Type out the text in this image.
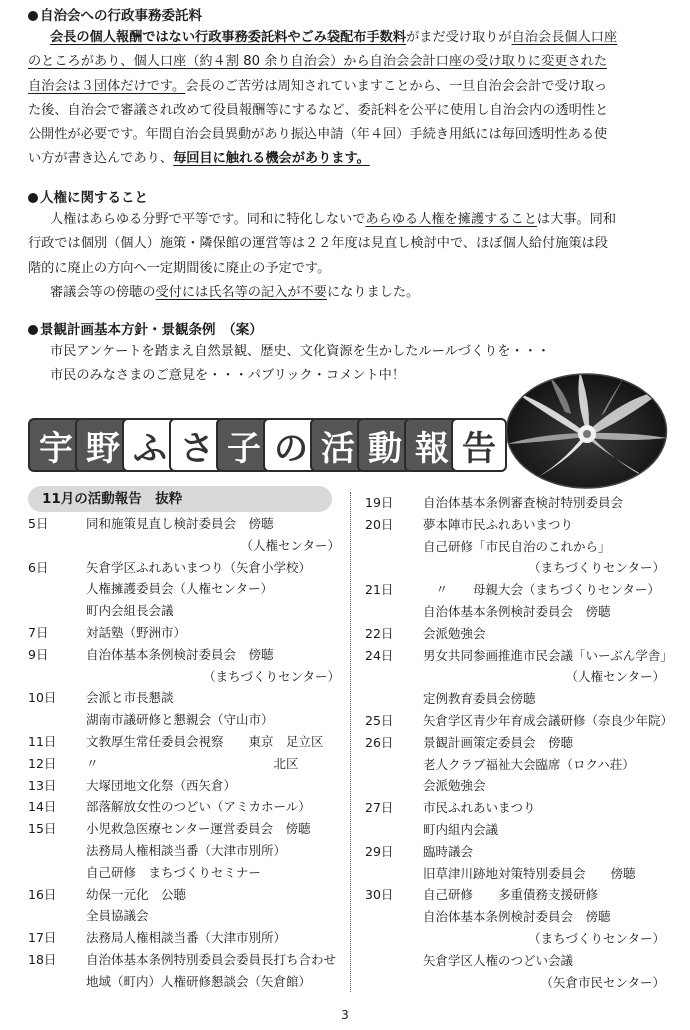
自治会への行政事務委託料
会長の個人報酬ではない行政事務委託料やごみ袋配布手数料がまだ受け取りが自治会長個人口座
のところがあり、個人口座（約４割 80 余り自治会）から自治会会計口座の受け取りに変更された
自治会は３団体だけです。会長のご苦労は周知されていますことから、一旦自治会会計で受け取っ
た後、自治会で審議され改めて役員報酬等にするなど、委託料を公平に使用し自治会内の透明性と
公開性が必要です。年間自治会員異動があり振込申請（年４回）手続き用紙には毎回透明性ある使
い方が書き込んであり、毎回目に触れる機会があります。
人権に関すること
人権はあらゆる分野で平等です。同和に特化しないであらゆる人権を擁護することは大事。同和
行政では個別（個人）施策・隣保館の運営等は２２年度は見直し検討中で、ほぼ個人給付施策は段
階的に廃止の方向へ一定期間後に廃止の予定です。
審議会等の傍聴の受付には氏名等の記入が不要になりました。
景観計画基本方針・景観条例　（案）
市民アンケートを踏まえ自然景観、歴史、文化資源を生かしたルールづくりを・・・
市民のみなさまのご意見を・・・パブリック・コメント中！
宇 野 ふ さ 子 の 活 動 報 告
11月の活動報告　抜粋
5日	同和施策見直し検討委員会　傍聴
（人権センター）
6日	矢倉学区ふれあいまつり（矢倉小学校）
人権擁護委員会（人権センター）
町内会組長会議
7日	対話塾（野洲市）
9日	自治体基本条例検討委員会　傍聴
（まちづくりセンター）
10日 会派と市長懇談
湖南市議研修と懇親会（守山市）
11日 文教厚生常任委員会視察　　東京　足立区
12日 〃　　　　　　　　　　　　　　北区
13日 大塚団地文化祭（西矢倉）
14日 部落解放女性のつどい（アミカホール）
15日 小児救急医療センター運営委員会　傍聴
法務局人権相談当番（大津市別所）
自己研修　まちづくりセミナー
16日 幼保一元化　公聴
全員協議会
17日 法務局人権相談当番（大津市別所）
18日 自治体基本条例特別委員会委員長打ち合わせ
地域（町内）人権研修懇談会（矢倉館）
19日 自治体基本条例審査検討特別委員会
20日 夢本陣市民ふれあいまつり
自己研修「市民自治のこれから」
（まちづくりセンター）
21日 　〃　　母親大会（まちづくりセンター）
自治体基本条例検討委員会　傍聴
22日 会派勉強会
24日 男女共同参画推進市民会議「いーぶん学舎」
（人権センター）
定例教育委員会傍聴
25日 矢倉学区青少年育成会議研修（奈良少年院）
26日 景観計画策定委員会　傍聴
老人クラブ福祉大会臨席（ロクハ荘）
会派勉強会
27日 市民ふれあいまつり
町内組内会議
29日 臨時議会
旧草津川跡地対策特別委員会　　傍聴
30日 自己研修　　多重債務支援研修
自治体基本条例検討委員会　傍聴
（まちづくりセンター）
矢倉学区人権のつどい会議
（矢倉市民センター）
3
